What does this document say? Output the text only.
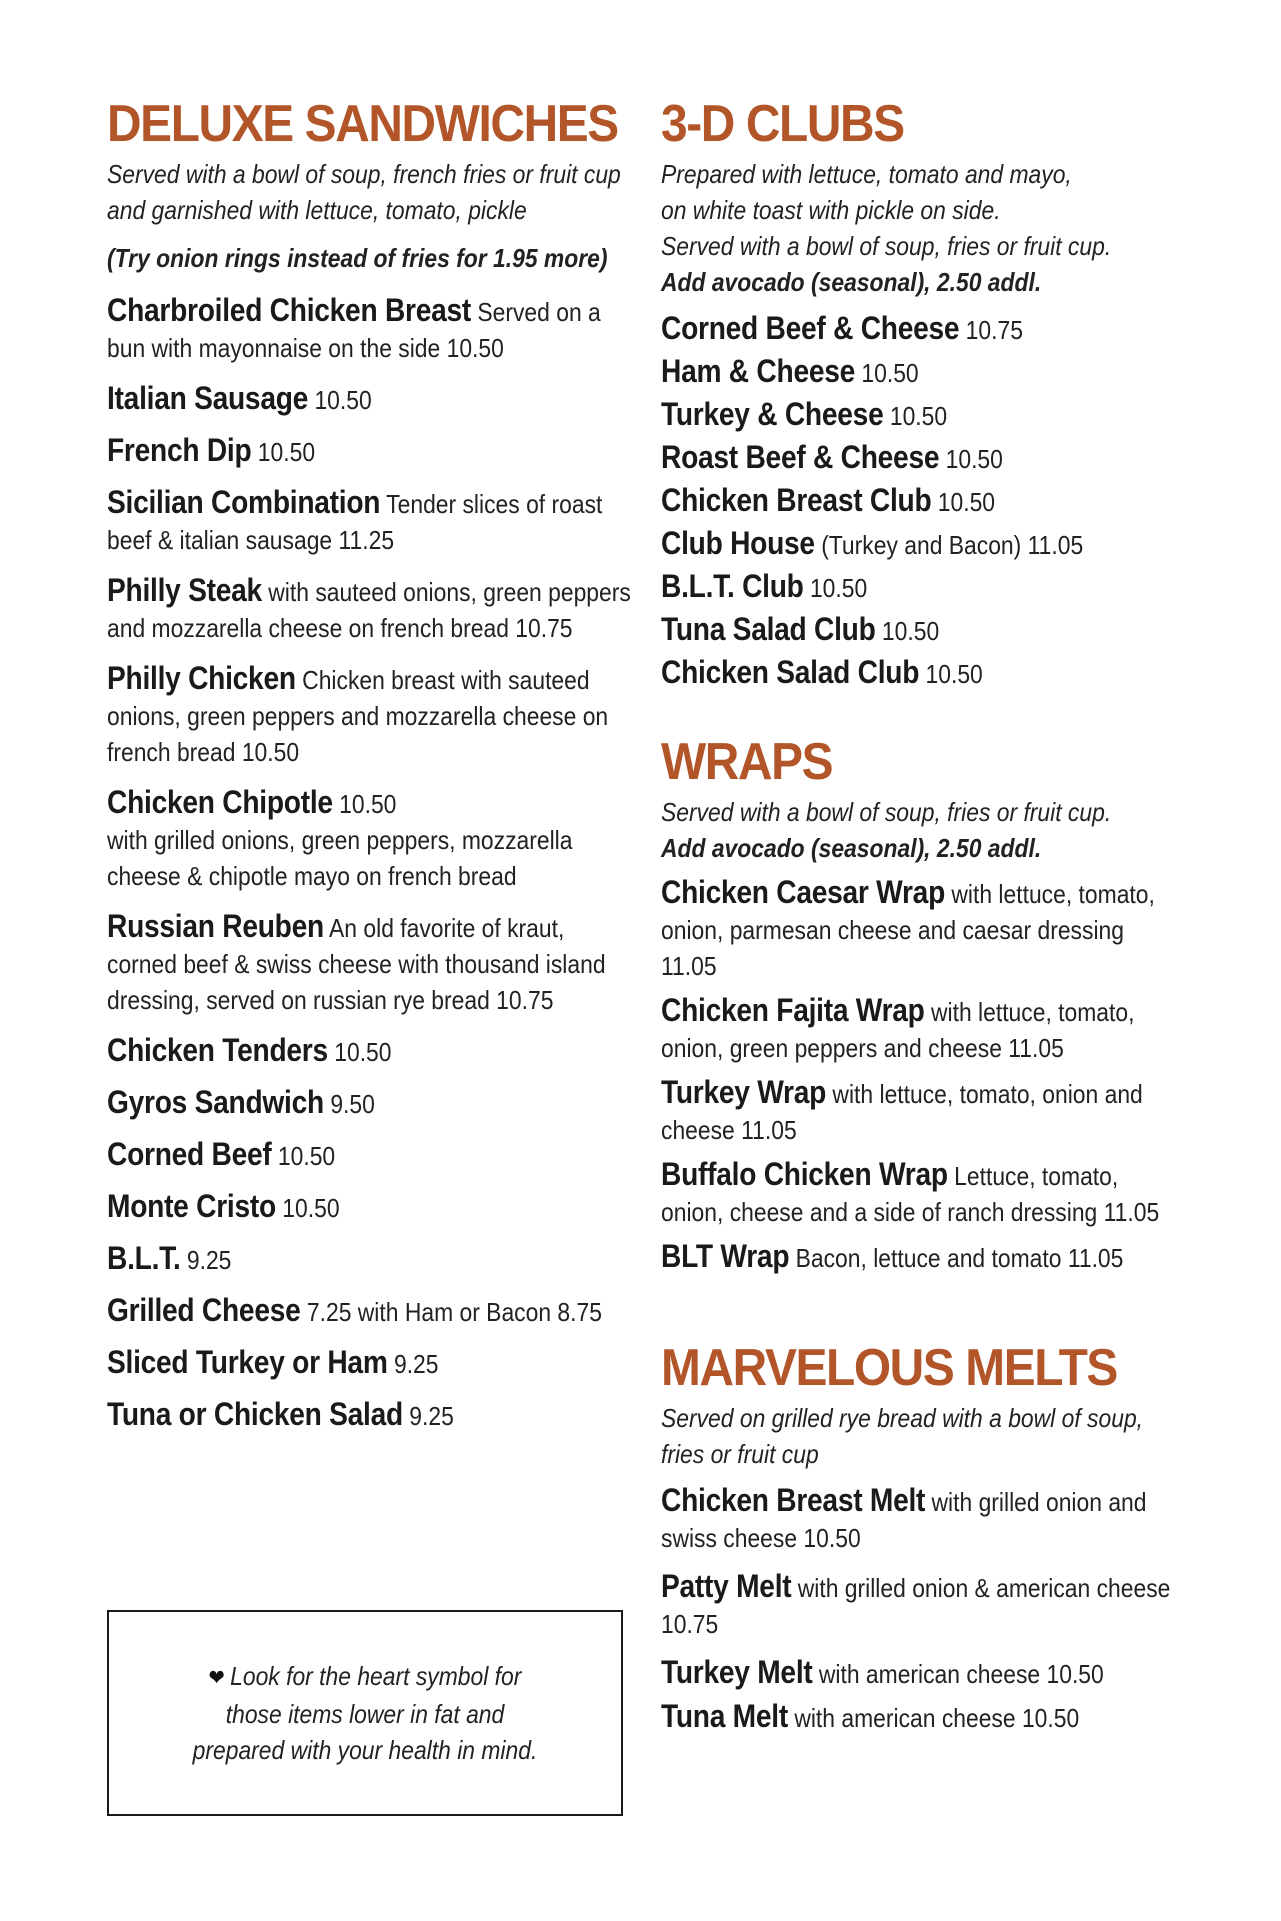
DELUXE SANDWICHES

Served with a bowl of soup, french fries or fruit cup
and garnished with lettuce, tomato, pickle

(Try onion rings instead of fries for 1.95 more)

Charbroiled Chicken Breast Served on a bun with mayonnaise on the side 10.50
Italian Sausage 10.50
French Dip 10.50
Sicilian Combination Tender slices of roast beef & italian sausage 11.25
Philly Steak with sauteed onions, green peppers and mozzarella cheese on french bread 10.75
Philly Chicken Chicken breast with sauteed onions, green peppers and mozzarella cheese on french bread 10.50
Chicken Chipotle 10.50
with grilled onions, green peppers, mozzarella cheese & chipotle mayo on french bread
Russian Reuben An old favorite of kraut, corned beef & swiss cheese with thousand island dressing, served on russian rye bread 10.75
Chicken Tenders 10.50
Gyros Sandwich 9.50
Corned Beef 10.50
Monte Cristo 10.50
B.L.T. 9.25
Grilled Cheese 7.25 with Ham or Bacon 8.75
Sliced Turkey or Ham 9.25
Tuna or Chicken Salad 9.25
❤ Look for the heart symbol for those items lower in fat and prepared with your health in mind.
3-D CLUBS

Prepared with lettuce, tomato and mayo,
on white toast with pickle on side.
Served with a bowl of soup, fries or fruit cup.
Add avocado (seasonal), 2.50 addl.

Corned Beef & Cheese 10.75
Ham & Cheese 10.50
Turkey & Cheese 10.50
Roast Beef & Cheese 10.50
Chicken Breast Club 10.50
Club House (Turkey and Bacon) 11.05
B.L.T. Club 10.50
Tuna Salad Club 10.50
Chicken Salad Club 10.50
WRAPS

Served with a bowl of soup, fries or fruit cup.
Add avocado (seasonal), 2.50 addl.

Chicken Caesar Wrap with lettuce, tomato, onion, parmesan cheese and caesar dressing 11.05
Chicken Fajita Wrap with lettuce, tomato, onion, green peppers and cheese 11.05
Turkey Wrap with lettuce, tomato, onion and cheese 11.05
Buffalo Chicken Wrap Lettuce, tomato, onion, cheese and a side of ranch dressing 11.05
BLT Wrap Bacon, lettuce and tomato 11.05
MARVELOUS MELTS

Served on grilled rye bread with a bowl of soup,
fries or fruit cup

Chicken Breast Melt with grilled onion and swiss cheese 10.50
Patty Melt with grilled onion & american cheese 10.75
Turkey Melt with american cheese 10.50
Tuna Melt with american cheese 10.50
